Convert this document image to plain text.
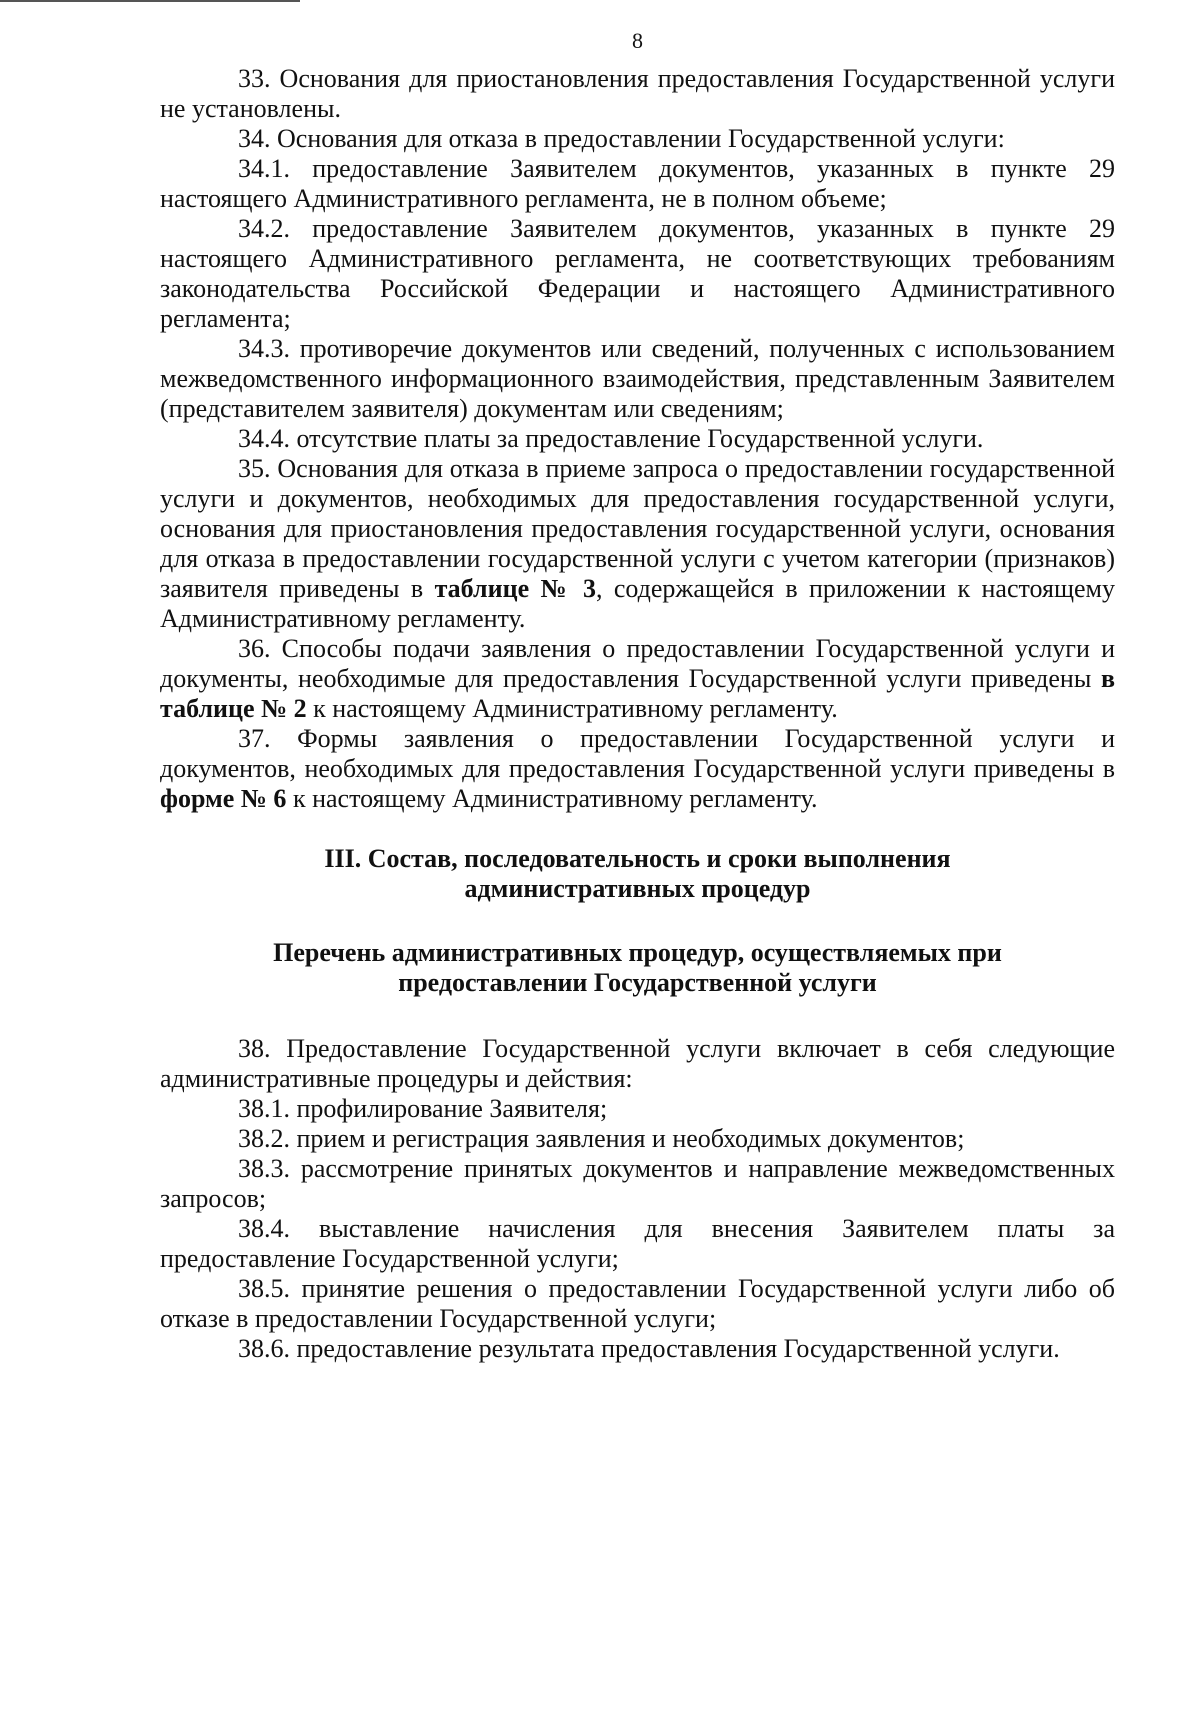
8

33. Основания для приостановления предоставления Государственной услуги не установлены.

34. Основания для отказа в предоставлении Государственной услуги:

34.1. предоставление Заявителем документов, указанных в пункте 29 настоящего Административного регламента, не в полном объеме;

34.2. предоставление Заявителем документов, указанных в пункте 29 настоящего Административного регламента, не соответствующих требованиям законодательства Российской Федерации и настоящего Административного регламента;

34.3. противоречие документов или сведений, полученных с использованием межведомственного информационного взаимодействия, представленным Заявителем (представителем заявителя) документам или сведениям;

34.4. отсутствие платы за предоставление Государственной услуги.

35. Основания для отказа в приеме запроса о предоставлении государственной услуги и документов, необходимых для предоставления государственной услуги, основания для приостановления предоставления государственной услуги, основания для отказа в предоставлении государственной услуги с учетом категории (признаков) заявителя приведены в таблице № 3, содержащейся в приложении к настоящему Административному регламенту.

36. Способы подачи заявления о предоставлении Государственной услуги и документы, необходимые для предоставления Государственной услуги приведены в таблице № 2 к настоящему Административному регламенту.

37. Формы заявления о предоставлении Государственной услуги и документов, необходимых для предоставления Государственной услуги приведены в форме № 6 к настоящему Административному регламенту.

III. Состав, последовательность и сроки выполнения
административных процедур
Перечень административных процедур, осуществляемых при
предоставлении Государственной услуги

38. Предоставление Государственной услуги включает в себя следующие административные процедуры и действия:

38.1. профилирование Заявителя;

38.2. прием и регистрация заявления и необходимых документов;

38.3. рассмотрение принятых документов и направление межведомственных запросов;

38.4. выставление начисления для внесения Заявителем платы за предоставление Государственной услуги;

38.5. принятие решения о предоставлении Государственной услуги либо об отказе в предоставлении Государственной услуги;

38.6. предоставление результата предоставления Государственной услуги.
